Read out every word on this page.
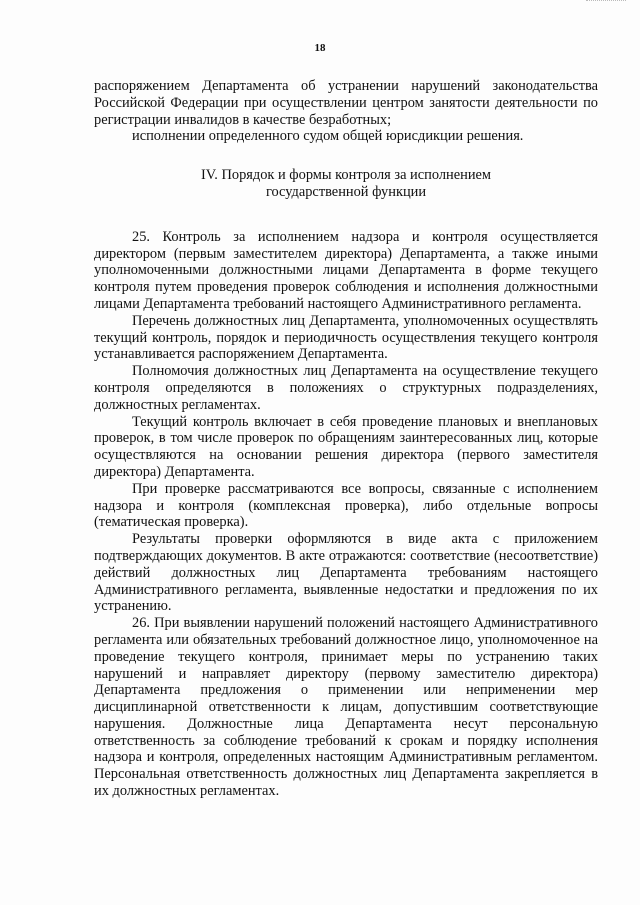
18

распоряжением Департамента об устранении нарушений законодательства Российской Федерации при осуществлении центром занятости деятельности по регистрации инвалидов в качестве безработных;

исполнении определенного судом общей юрисдикции решения.

IV. Порядок и формы контроля за исполнением
государственной функции

25. Контроль за исполнением надзора и контроля осуществляется директором (первым заместителем директора) Департамента, а также иными уполномоченными должностными лицами Департамента в форме текущего контроля путем проведения проверок соблюдения и исполнения должностными лицами Департамента требований настоящего Административного регламента.

Перечень должностных лиц Департамента, уполномоченных осуществлять текущий контроль, порядок и периодичность осуществления текущего контроля устанавливается распоряжением Департамента.

Полномочия должностных лиц Департамента на осуществление текущего контроля определяются в положениях о структурных подразделениях, должностных регламентах.

Текущий контроль включает в себя проведение плановых и внеплановых проверок, в том числе проверок по обращениям заинтересованных лиц, которые осуществляются на основании решения директора (первого заместителя директора) Департамента.

При проверке рассматриваются все вопросы, связанные с исполнением надзора и контроля (комплексная проверка), либо отдельные вопросы (тематическая проверка).

Результаты проверки оформляются в виде акта с приложением подтверждающих документов. В акте отражаются: соответствие (несоответствие) действий должностных лиц Департамента требованиям настоящего Административного регламента, выявленные недостатки и предложения по их устранению.

26. При выявлении нарушений положений настоящего Административного регламента или обязательных требований должностное лицо, уполномоченное на проведение текущего контроля, принимает меры по устранению таких нарушений и направляет директору (первому заместителю директора) Департамента предложения о применении или неприменении мер дисциплинарной ответственности к лицам, допустившим соответствующие нарушения. Должностные лица Департамента несут персональную ответственность за соблюдение требований к срокам и порядку исполнения надзора и контроля, определенных настоящим Административным регламентом. Персональная ответственность должностных лиц Департамента закрепляется в их должностных регламентах.
